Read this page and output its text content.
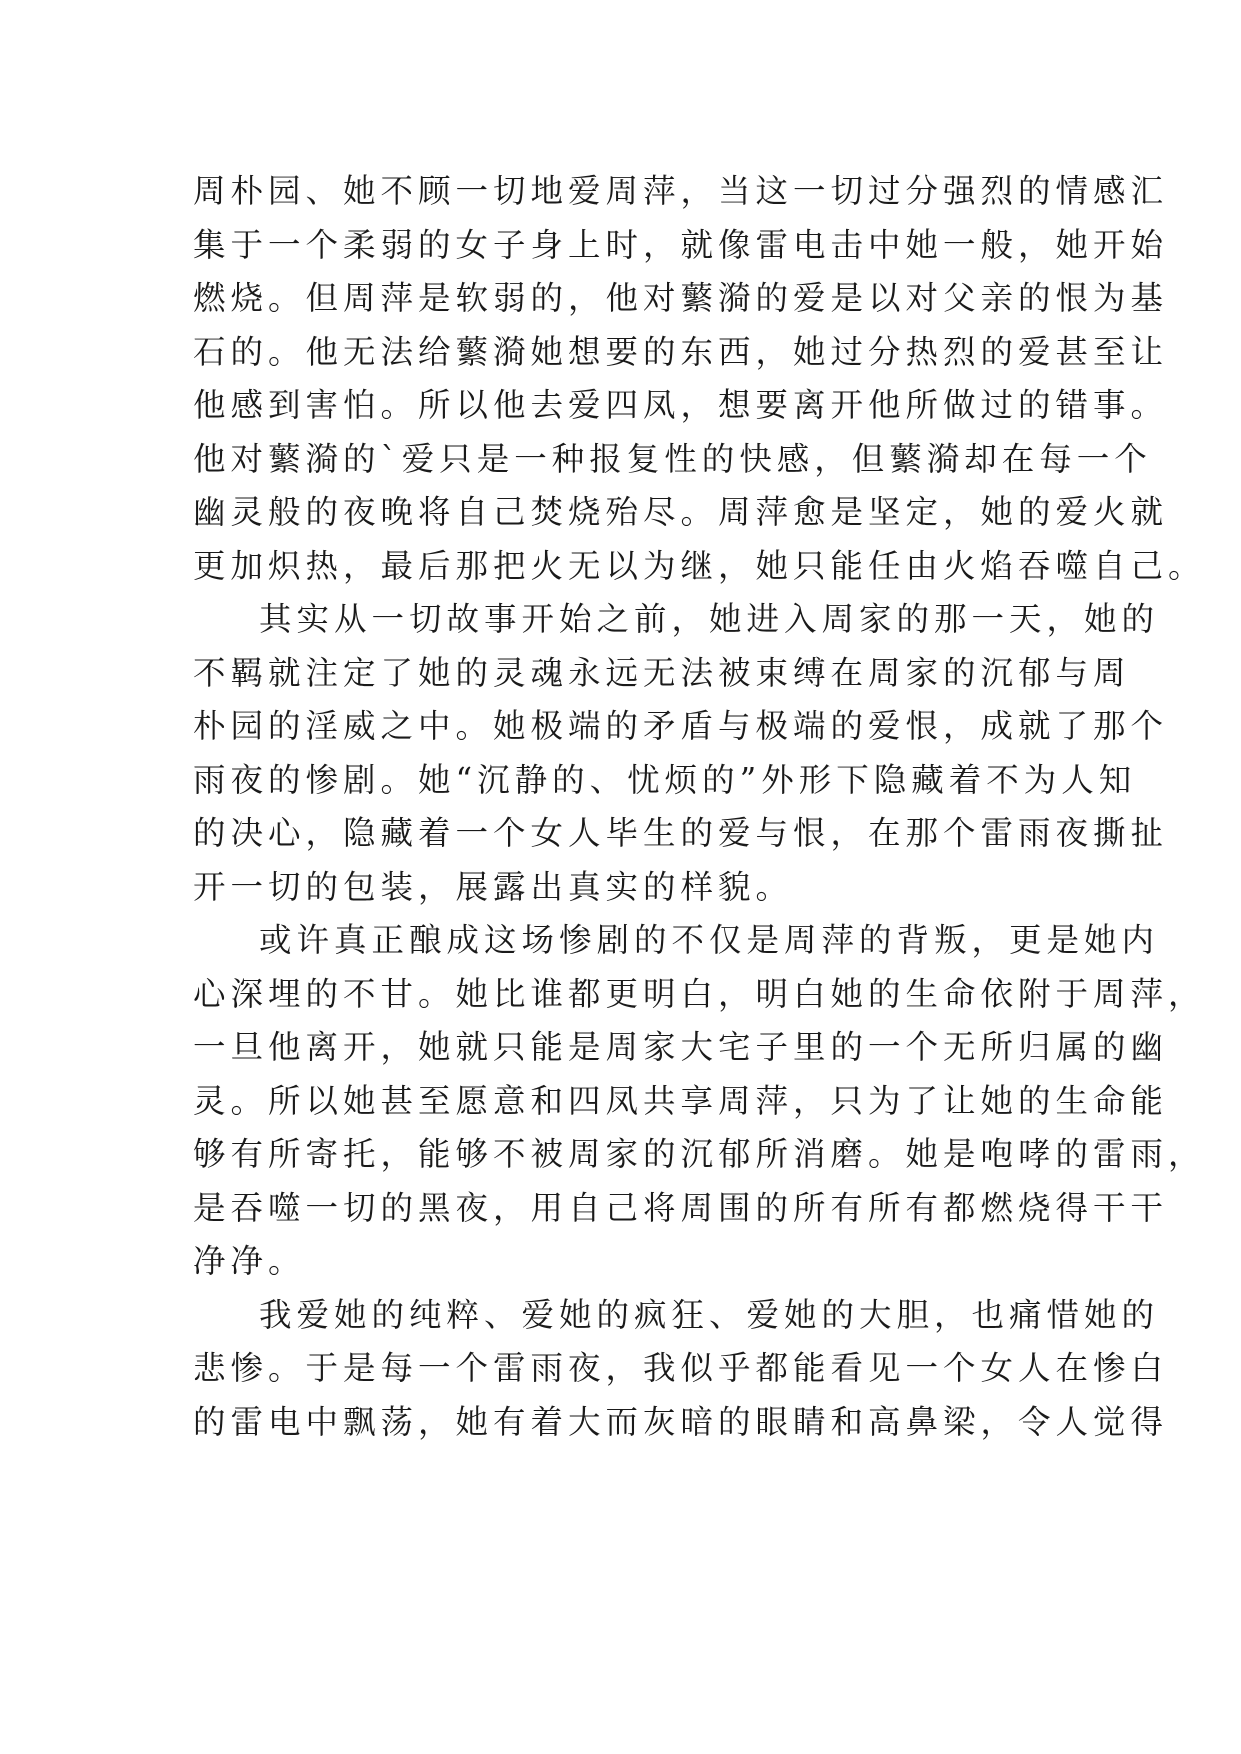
周朴园、她不顾一切地爱周萍，当这一切过分强烈的情感汇
集于一个柔弱的女子身上时，就像雷电击中她一般，她开始
燃烧。但周萍是软弱的，他对蘩漪的爱是以对父亲的恨为基
石的。他无法给蘩漪她想要的东西，她过分热烈的爱甚至让
他感到害怕。所以他去爱四凤，想要离开他所做过的错事。
他对蘩漪的`爱只是一种报复性的快感，但蘩漪却在每一个
幽灵般的夜晚将自己焚烧殆尽。周萍愈是坚定，她的爱火就
更加炽热，最后那把火无以为继，她只能任由火焰吞噬自己。
其实从一切故事开始之前，她进入周家的那一天，她的
不羁就注定了她的灵魂永远无法被束缚在周家的沉郁与周
朴园的淫威之中。她极端的矛盾与极端的爱恨，成就了那个
雨夜的惨剧。她“沉静的、忧烦的”外形下隐藏着不为人知
的决心，隐藏着一个女人毕生的爱与恨，在那个雷雨夜撕扯
开一切的包装，展露出真实的样貌。
或许真正酿成这场惨剧的不仅是周萍的背叛，更是她内
心深埋的不甘。她比谁都更明白，明白她的生命依附于周萍，
一旦他离开，她就只能是周家大宅子里的一个无所归属的幽
灵。所以她甚至愿意和四凤共享周萍，只为了让她的生命能
够有所寄托，能够不被周家的沉郁所消磨。她是咆哮的雷雨，
是吞噬一切的黑夜，用自己将周围的所有所有都燃烧得干干
净净。
我爱她的纯粹、爱她的疯狂、爱她的大胆，也痛惜她的
悲惨。于是每一个雷雨夜，我似乎都能看见一个女人在惨白
的雷电中飘荡，她有着大而灰暗的眼睛和高鼻梁，令人觉得
